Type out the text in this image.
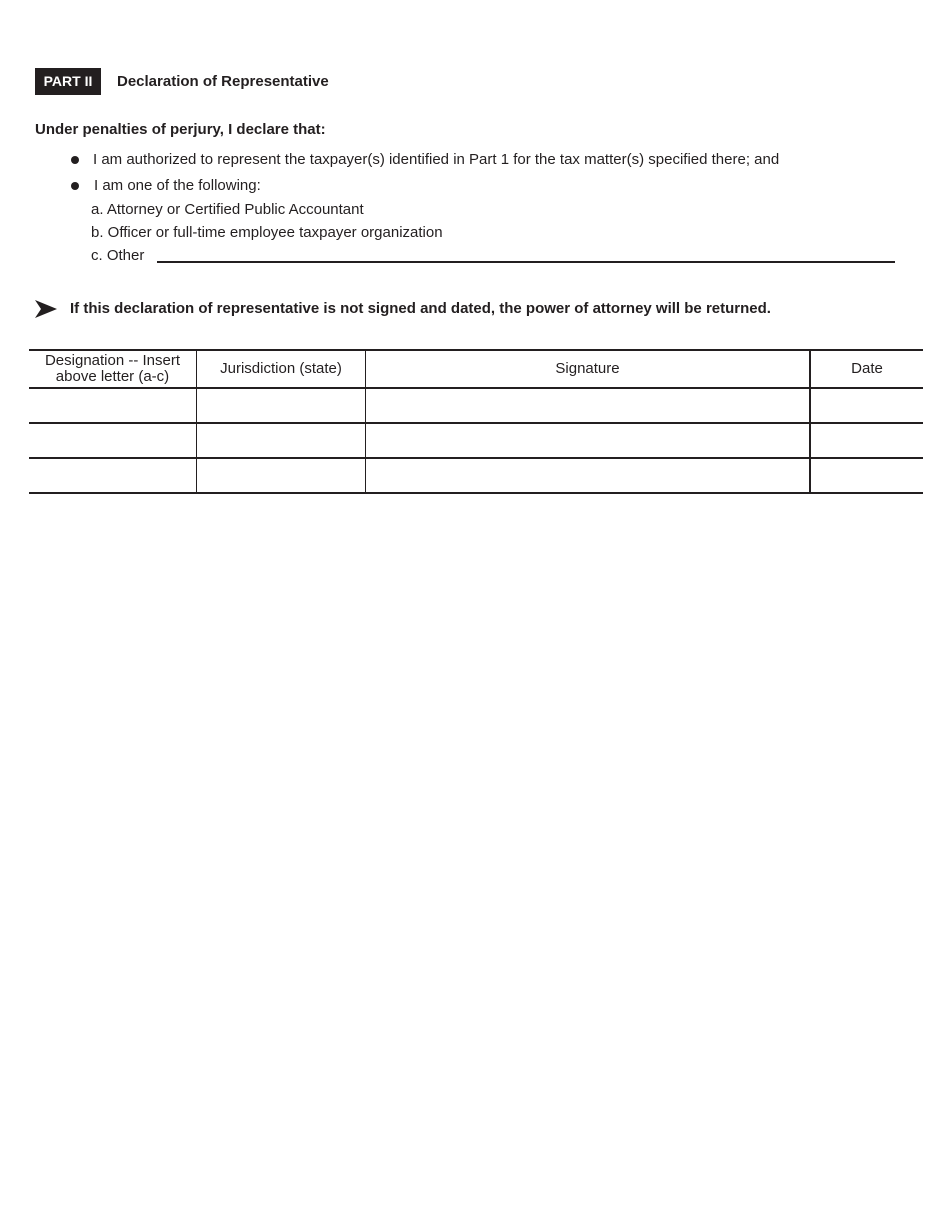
PART II	Declaration of Representative
Under penalties of perjury, I declare that:
I am authorized to represent the taxpayer(s) identified in Part 1 for the tax matter(s) specified there; and
I am one of the following:
a. Attorney or Certified Public Accountant
b. Officer or full-time employee taxpayer organization
c. Other
If this declaration of representative is not signed and dated, the power of attorney will be returned.
Designation -- Insert
above letter (a-c)	Jurisdiction (state)	Signature	Date
